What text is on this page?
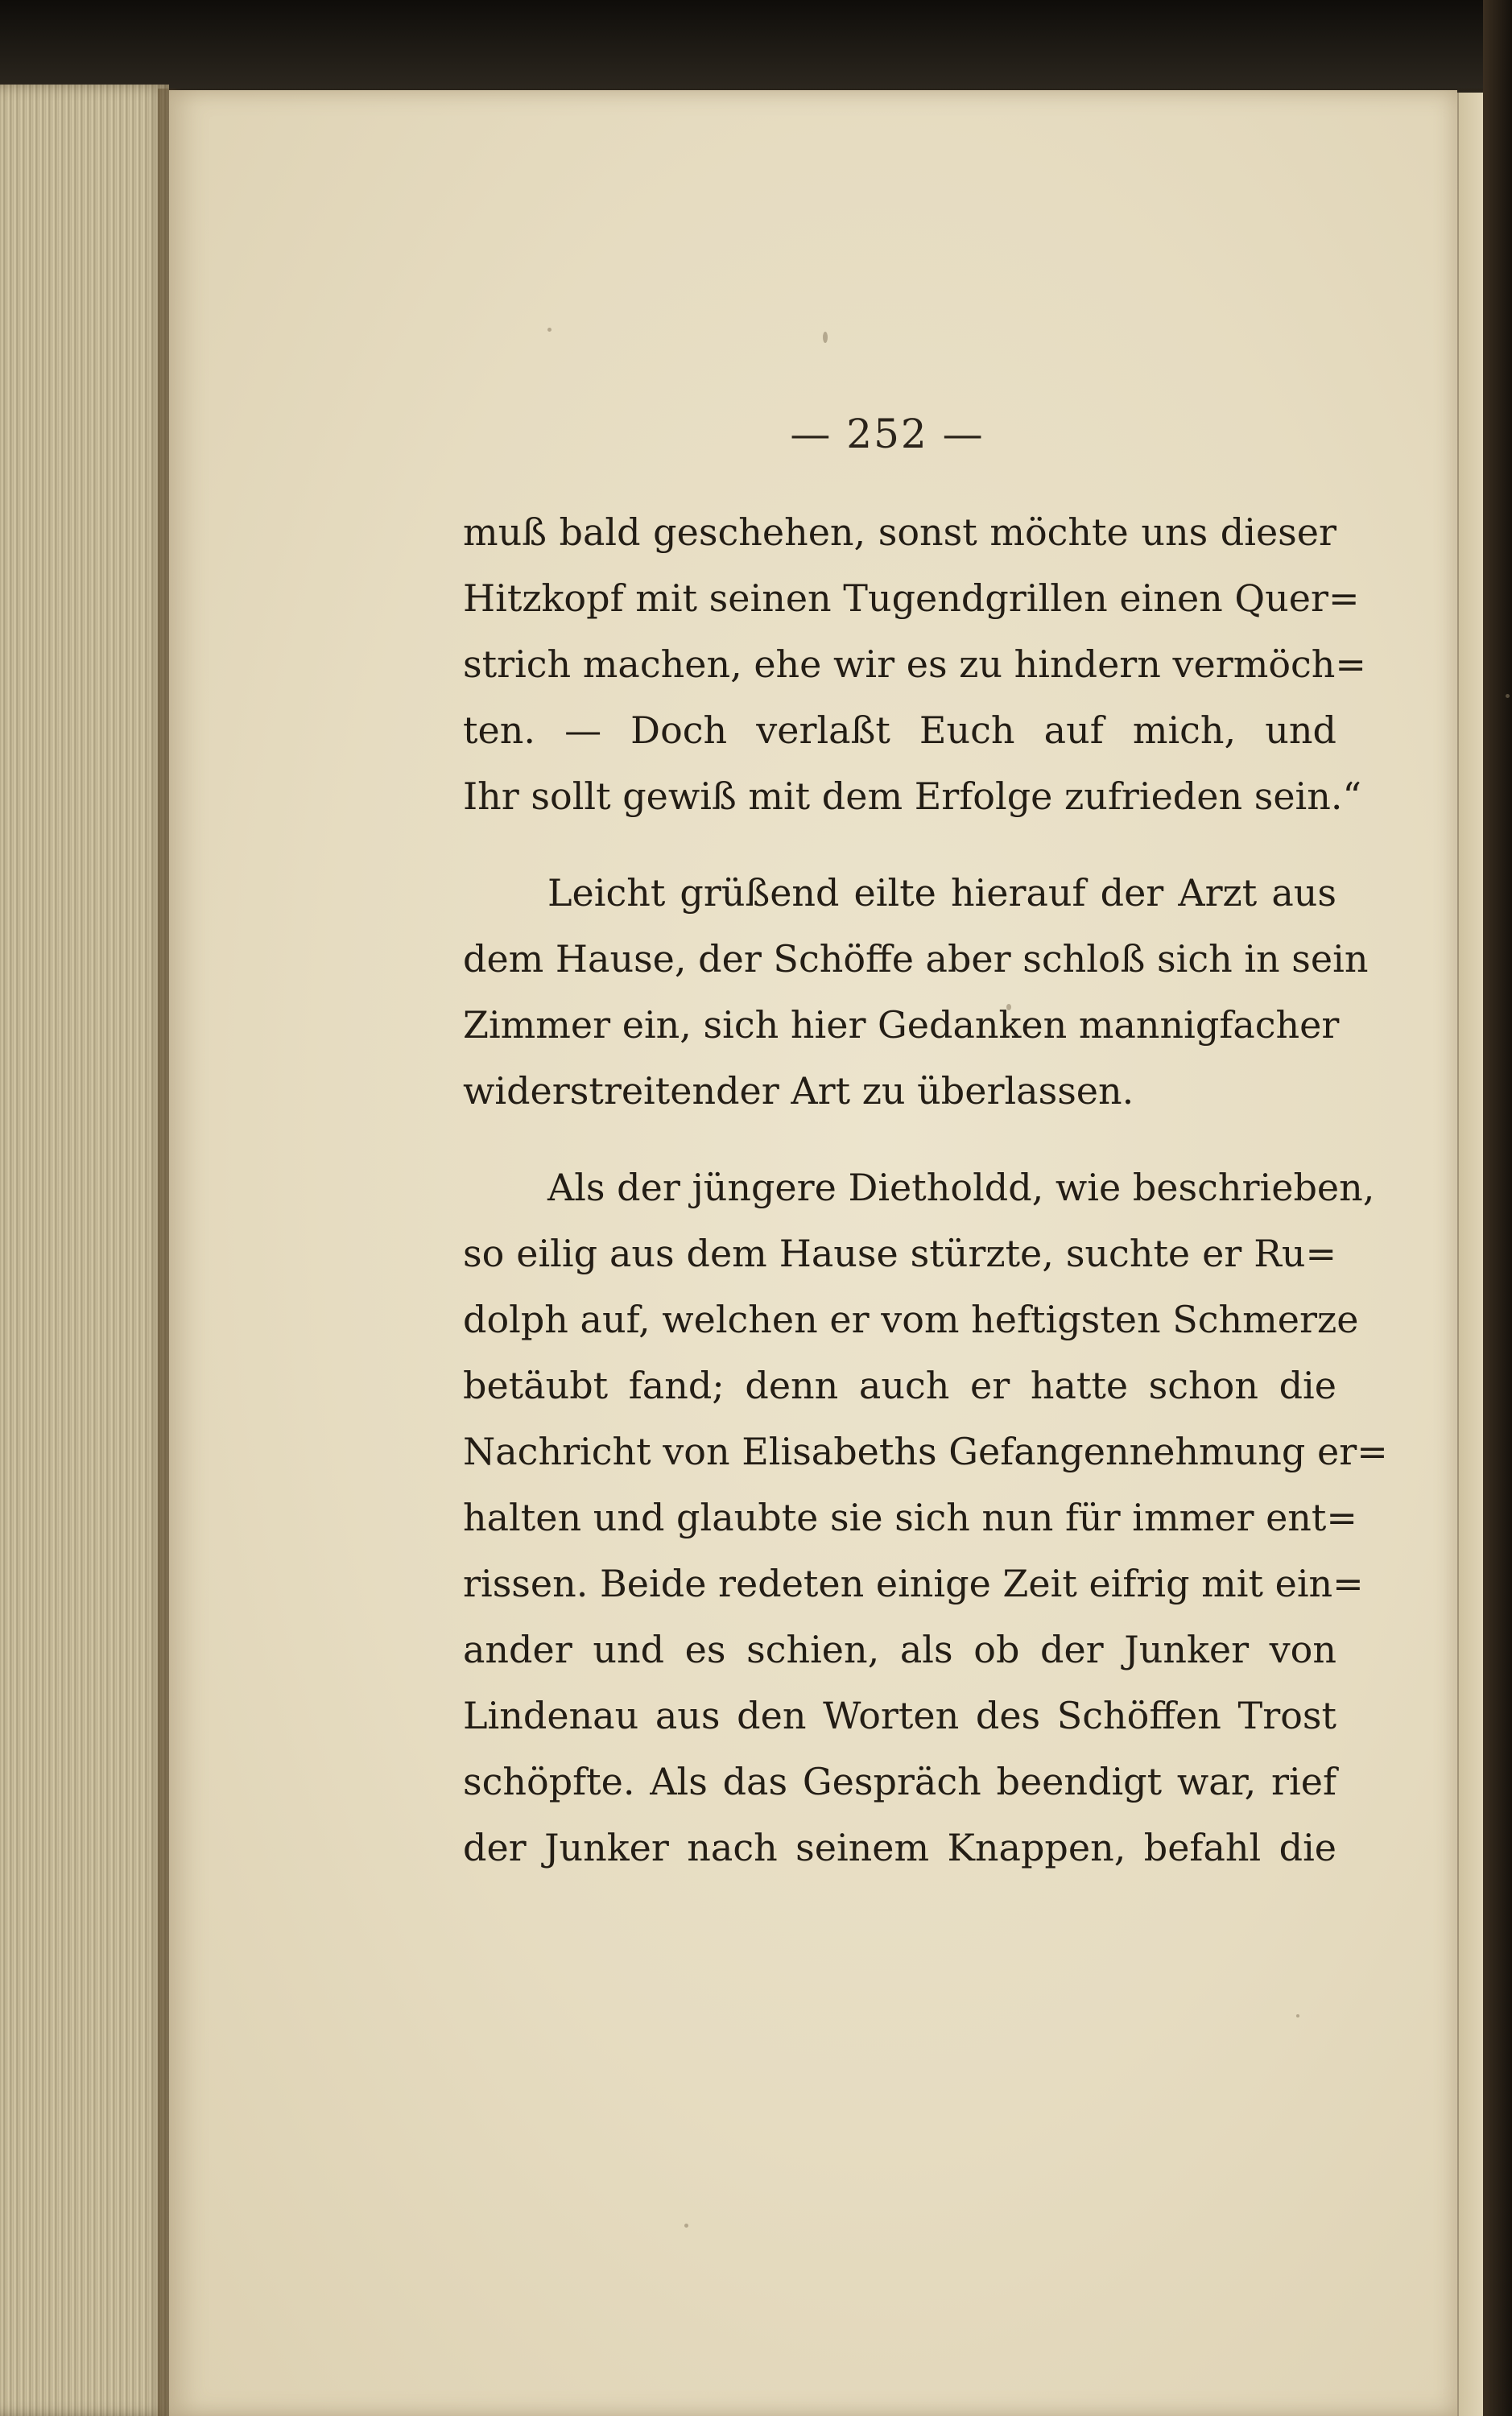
— 252 —
muß bald geschehen, sonst möchte uns dieser
Hitzkopf mit seinen Tugendgrillen einen Quer=
strich machen, ehe wir es zu hindern vermöch=
ten. — Doch verlaßt Euch auf mich, und
Ihr sollt gewiß mit dem Erfolge zufrieden sein.“
Leicht grüßend eilte hierauf der Arzt aus
dem Hause, der Schöffe aber schloß sich in sein
Zimmer ein, sich hier Gedanken mannigfacher
widerstreitender Art zu überlassen.
Als der jüngere Dietholdd, wie beschrieben,
so eilig aus dem Hause stürzte, suchte er Ru=
dolph auf, welchen er vom heftigsten Schmerze
betäubt fand; denn auch er hatte schon die
Nachricht von Elisabeths Gefangennehmung er=
halten und glaubte sie sich nun für immer ent=
rissen. Beide redeten einige Zeit eifrig mit ein=
ander und es schien, als ob der Junker von
Lindenau aus den Worten des Schöffen Trost
schöpfte. Als das Gespräch beendigt war, rief
der Junker nach seinem Knappen, befahl die
